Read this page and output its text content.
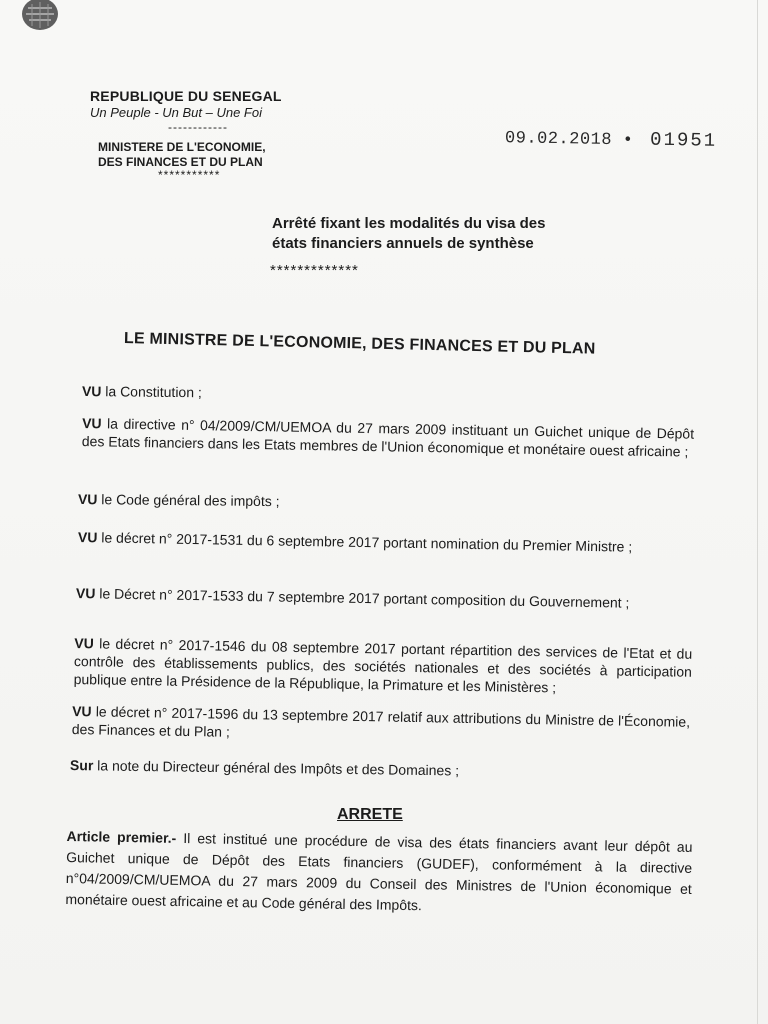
REPUBLIQUE DU SENEGAL
Un Peuple - Un But – Une Foi
------------
MINISTERE DE L'ECONOMIE,
DES FINANCES ET DU PLAN
***********
09.02.2018 • 01951
Arrêté fixant les modalités du visa des
états financiers annuels de synthèse
*************
LE MINISTRE DE L'ECONOMIE, DES FINANCES ET DU PLAN
VU la Constitution ;
VU la directive n° 04/2009/CM/UEMOA du 27 mars 2009 instituant un Guichet unique de Dépôt des Etats financiers dans les Etats membres de l'Union économique et monétaire ouest africaine ;
VU le Code général des impôts ;
VU le décret n° 2017-1531 du 6 septembre 2017 portant nomination du Premier Ministre ;
VU le Décret n° 2017-1533 du 7 septembre 2017 portant composition du Gouvernement ;
VU le décret n° 2017-1546 du 08 septembre 2017 portant répartition des services de l'Etat et du contrôle des établissements publics, des sociétés nationales et des sociétés à participation publique entre la Présidence de la République, la Primature et les Ministères ;
VU le décret n° 2017-1596 du 13 septembre 2017 relatif aux attributions du Ministre de l'Économie, des Finances et du Plan ;
Sur la note du Directeur général des Impôts et des Domaines ;
ARRETE
Article premier.- Il est institué une procédure de visa des états financiers avant leur dépôt au Guichet unique de Dépôt des Etats financiers (GUDEF), conformément à la directive n°04/2009/CM/UEMOA du 27 mars 2009 du Conseil des Ministres de l'Union économique et monétaire ouest africaine et au Code général des Impôts.
